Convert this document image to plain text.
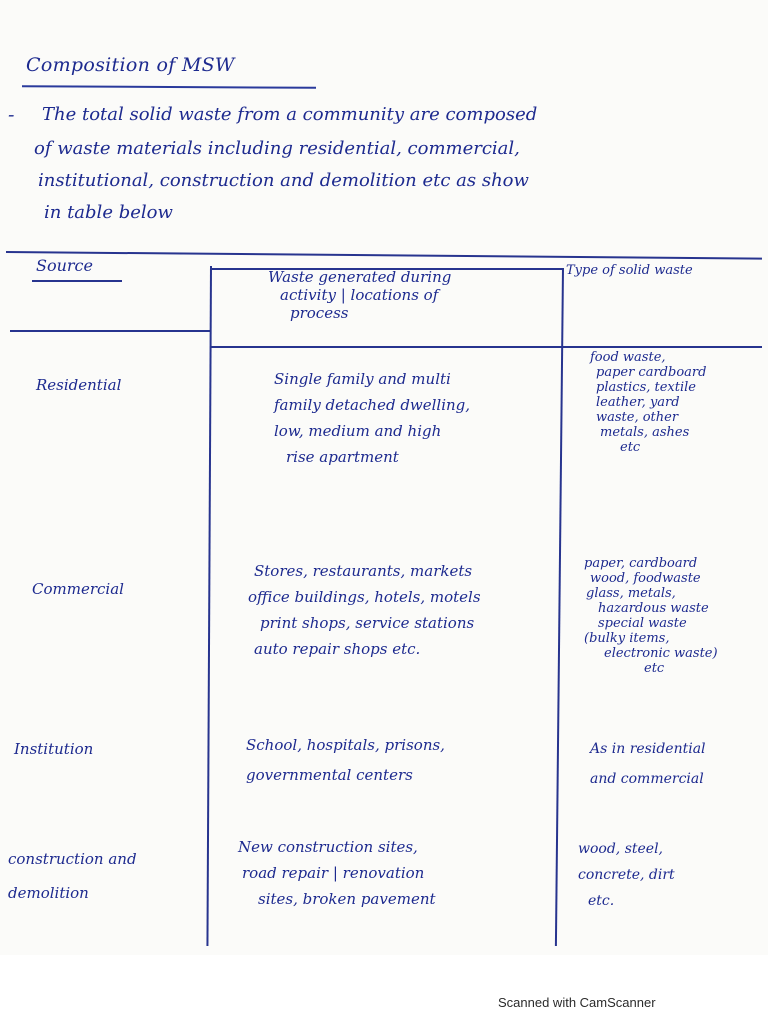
Composition of MSW
- The total solid waste from a community are composed
of waste materials including residential, commercial,
institutional, construction and demolition etc as show
in table below
Source
Waste generated during
activity | locations of
process
Type of solid waste
Residential	Single family and multi
family detached dwelling,
low, medium and high
rise apartment
food waste,
paper cardboard
plastics, textile
leather, yard
waste, other
metals, ashes
etc
Commercial
Stores, restaurants, markets
office buildings, hotels, motels
print shops, service stations
auto repair shops etc.
paper, cardboard
wood, foodwaste
glass, metals,
hazardous waste
special waste
(bulky items,
electronic waste)
etc
Institution	School, hospitals, prisons,
governmental centers
As in residential
and commercial
construction and
demolition
New construction sites,
road repair | renovation
sites, broken pavement
wood, steel,
concrete, dirt
etc.
Scanned with CamScanner
